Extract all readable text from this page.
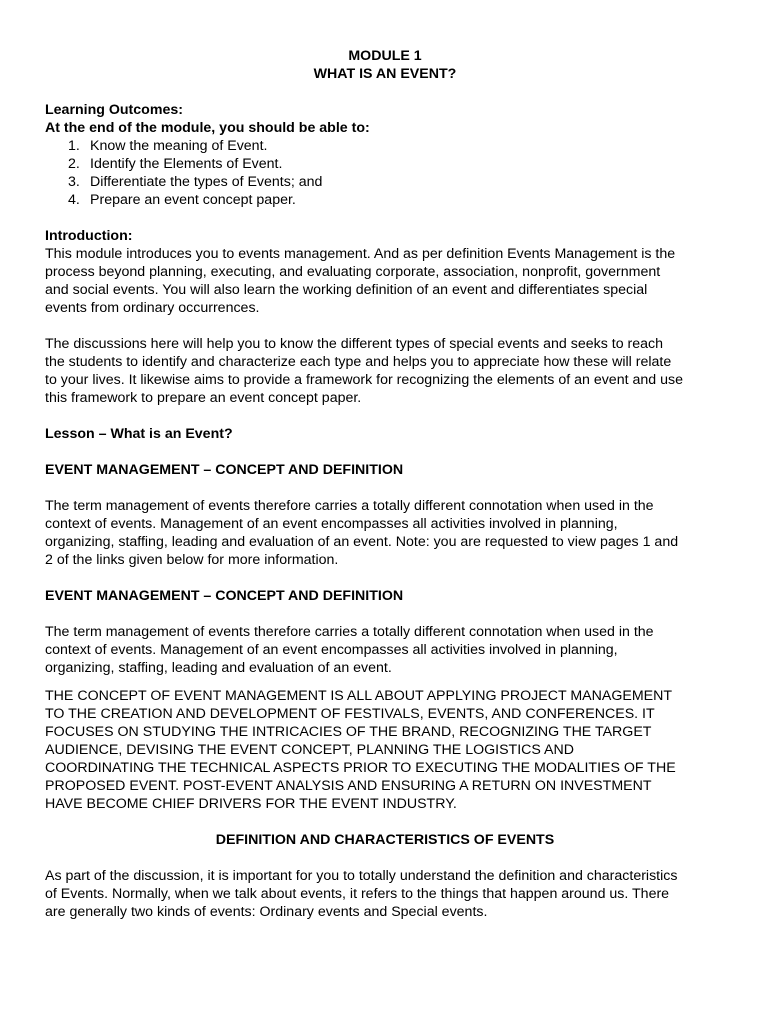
MODULE 1

WHAT IS AN EVENT?

Learning Outcomes:

At the end of the module, you should be able to:

1. Know the meaning of Event.
2. Identify the Elements of Event.
3. Differentiate the types of Events; and
4. Prepare an event concept paper.

Introduction:

This module introduces you to events management. And as per definition Events Management is the
process beyond planning, executing, and evaluating corporate, association, nonprofit, government
and social events. You will also learn the working definition of an event and differentiates special
events from ordinary occurrences.
The discussions here will help you to know the different types of special events and seeks to reach
the students to identify and characterize each type and helps you to appreciate how these will relate
to your lives. It likewise aims to provide a framework for recognizing the elements of an event and use
this framework to prepare an event concept paper.

Lesson – What is an Event?

EVENT MANAGEMENT – CONCEPT AND DEFINITION

The term management of events therefore carries a totally different connotation when used in the
context of events. Management of an event encompasses all activities involved in planning,
organizing, staffing, leading and evaluation of an event. Note: you are requested to view pages 1 and
2 of the links given below for more information.

EVENT MANAGEMENT – CONCEPT AND DEFINITION

The term management of events therefore carries a totally different connotation when used in the
context of events. Management of an event encompasses all activities involved in planning,
organizing, staffing, leading and evaluation of an event.
THE CONCEPT OF EVENT MANAGEMENT IS ALL ABOUT APPLYING PROJECT MANAGEMENT
TO THE CREATION AND DEVELOPMENT OF FESTIVALS, EVENTS, AND CONFERENCES. IT
FOCUSES ON STUDYING THE INTRICACIES OF THE BRAND, RECOGNIZING THE TARGET
AUDIENCE, DEVISING THE EVENT CONCEPT, PLANNING THE LOGISTICS AND
COORDINATING THE TECHNICAL ASPECTS PRIOR TO EXECUTING THE MODALITIES OF THE
PROPOSED EVENT. POST-EVENT ANALYSIS AND ENSURING A RETURN ON INVESTMENT
HAVE BECOME CHIEF DRIVERS FOR THE EVENT INDUSTRY.

DEFINITION AND CHARACTERISTICS OF EVENTS

As part of the discussion, it is important for you to totally understand the definition and characteristics
of Events. Normally, when we talk about events, it refers to the things that happen around us. There
are generally two kinds of events: Ordinary events and Special events.
